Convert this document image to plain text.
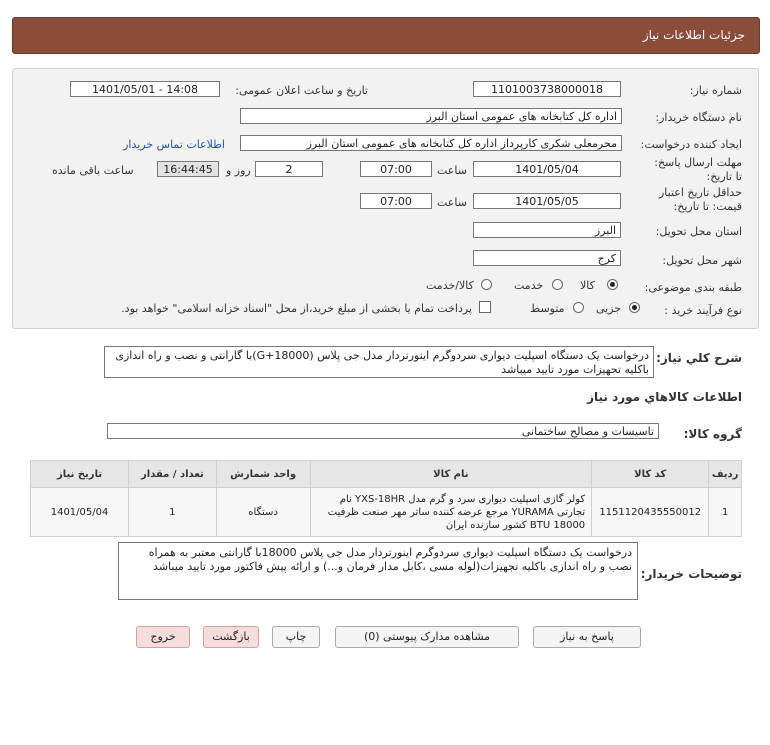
جزئیات اطلاعات نیاز
شماره نیاز:
1101003738000018
تاریخ و ساعت اعلان عمومی:
1401/05/01 - 14:08
نام دستگاه خریدار:
اداره کل کتابخانه های عمومی استان البرز
ایجاد کننده درخواست:
محرمعلی شکری کارپرداز اداره کل کتابخانه های عمومی استان البرز
اطلاعات تماس خریدار
مهلت ارسال پاسخ: تا تاریخ:
1401/05/04
ساعت
07:00
2
روز و
16:44:45
ساعت باقی مانده
حداقل تاریخ اعتبار قیمت: تا تاریخ:
1401/05/05
ساعت
07:00
استان محل تحویل:
البرز
شهر محل تحویل:
کرج
طبقه بندی موضوعی:
کالا
خدمت
کالا/خدمت
نوع فرآیند خرید :
جزیی
متوسط
پرداخت تمام یا بخشی از مبلغ خرید،از محل "اسناد خزانه اسلامی" خواهد بود.
شرح کلي نياز:
درخواست یک دستگاه اسپلیت دیواری سردوگرم اینورتردار مدل جی پلاس (18000+G)با گارانتی و نصب و راه اندازی باکلیه تجهیزات مورد تایید میباشد
اطلاعات کالاهاي مورد نياز
گروه کالا:
تاسیسات و مصالح ساختمانی
تاریخ نیاز	تعداد / مقدار	واحد شمارش	نام کالا	کد کالا	ردیف
1401/05/04	1	دستگاه	کولر گازی اسپلیت دیواری سرد و گرم مدل YXS-18HR نام تجارتی YURAMA مرجع عرضه کننده ساتر مهر صنعت ظرفیت 18000 BTU کشور سازنده ایران	1151120435550012	1
توضیحات خریدار:
درخواست یک دستگاه اسپلیت دیواری سردوگرم اینورتردار مدل جی پلاس 18000با گارانتی معتبر به همراه نصب و راه اندازی باکلیه تجهیزات(لوله مسی ،کابل مدار فرمان و...) و ارائه پیش فاکتور مورد تایید میباشد
پاسخ به نیاز
مشاهده مدارک پیوستی (0)
چاپ
بازگشت
خروج
